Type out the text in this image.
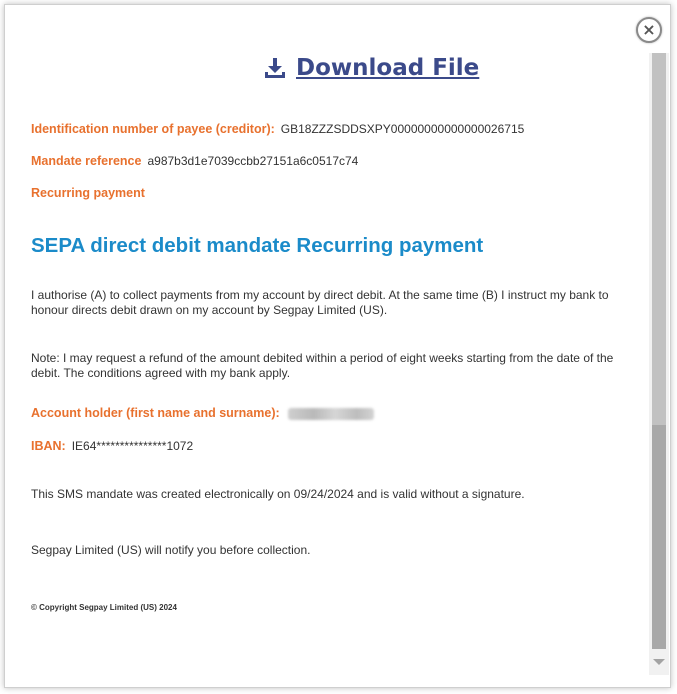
Download File
Identification number of payee (creditor): GB18ZZZSDDSXPY00000000000000026715
Mandate reference a987b3d1e7039ccbb27151a6c0517c74
Recurring payment
SEPA direct debit mandate Recurring payment
I authorise (A) to collect payments from my account by direct debit. At the same time (B) I instruct my bank to honour directs debit drawn on my account by Segpay Limited (US).
Note: I may request a refund of the amount debited within a period of eight weeks starting from the date of the debit. The conditions agreed with my bank apply.
Account holder (first name and surname):
IBAN: IE64***************1072
This SMS mandate was created electronically on 09/24/2024 and is valid without a signature.
Segpay Limited (US) will notify you before collection.
© Copyright Segpay Limited (US) 2024
×
